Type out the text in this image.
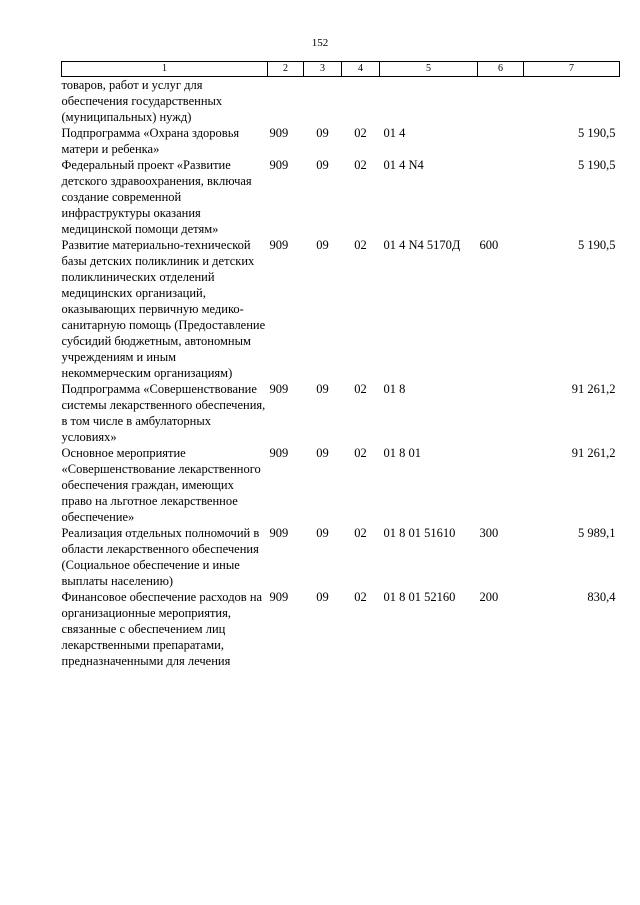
152
1	2	3	4	5	6	7
товаров, работ и услуг для обеспечения государственных (муниципальных) нужд)						
Подпрограмма «Охрана здоровья матери и ребенка»	909	09	02	01 4		5 190,5
Федеральный проект «Развитие детского здравоохранения, включая создание современной инфраструктуры оказания медицинской помощи детям»	909	09	02	01 4 N4		5 190,5
Развитие материально-технической базы детских поликлиник и детских поликлинических отделений медицинских организаций, оказывающих первичную медико-санитарную помощь (Предоставление субсидий бюджетным, автономным учреждениям и иным некоммерческим организациям)	909	09	02	01 4 N4 5170Д	600	5 190,5
Подпрограмма «Совершенствование системы лекарственного обеспечения, в том числе в амбулаторных условиях»	909	09	02	01 8		91 261,2
Основное мероприятие «Совершенствование лекарственного обеспечения граждан, имеющих право на льготное лекарственное обеспечение»	909	09	02	01 8 01		91 261,2
Реализация отдельных полномочий в области лекарственного обеспечения (Социальное обеспечение и иные выплаты населению)	909	09	02	01 8 01 51610	300	5 989,1
Финансовое обеспечение расходов на организационные мероприятия, связанные с обеспечением лиц лекарственными препаратами, предназначенными для лечения	909	09	02	01 8 01 52160	200	830,4
